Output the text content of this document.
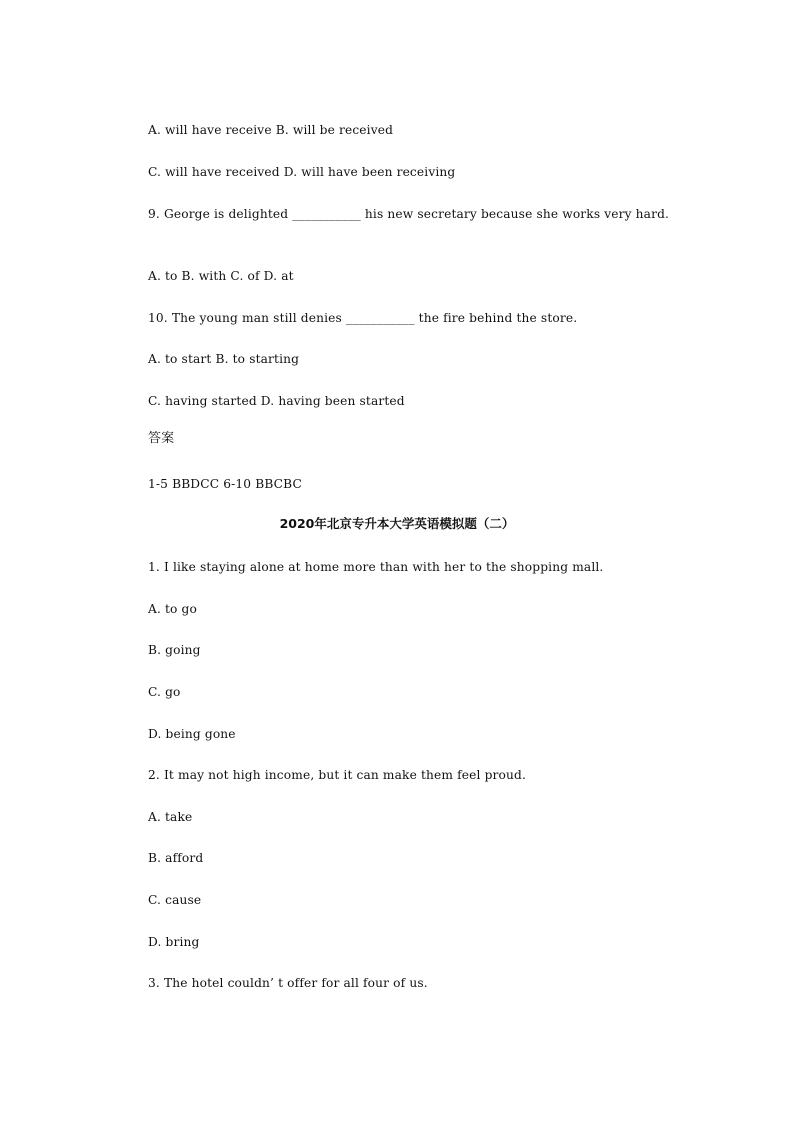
A. will have receive B. will be received
C. will have received D. will have been receiving
9. George is delighted ___________ his new secretary because she works very hard.
A. to B. with C. of D. at
10. The young man still denies ___________ the fire behind the store.
A. to start B. to starting
C. having started D. having been started
答案
1-5 BBDCC 6-10 BBCBC
2020年北京专升本大学英语模拟题（二）
1. I like staying alone at home more than with her to the shopping mall.
A. to go
B. going
C. go
D. being gone
2. It may not high income, but it can make them feel proud.
A. take
B. afford
C. cause
D. bring
3. The hotel couldn’ t offer for all four of us.
